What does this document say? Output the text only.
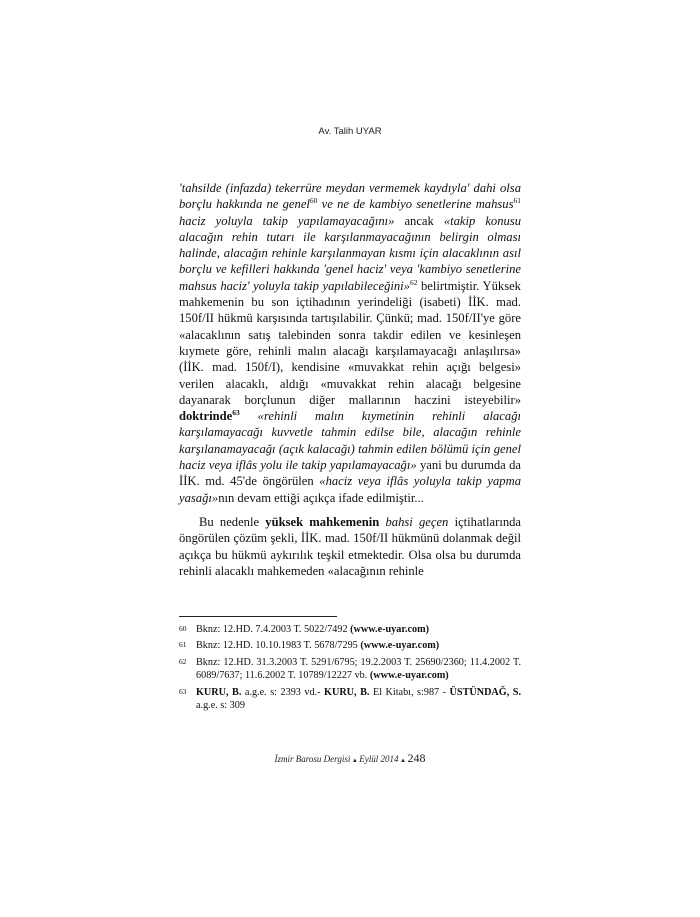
Av. Talih UYAR

'tahsilde (infazda) tekerrüre meydan vermemek kaydıyla' dahi olsa borçlu hakkında ne genel$^{60}$ ve ne de kambiyo senetlerine mahsus$^{61}$ haciz yoluyla takip yapılamayacağını» ancak «takip konusu alacağın rehin tutarı ile karşılanmayacağının belirgin olması halinde, alacağın rehinle karşılanmayan kısmı için alacaklının asıl borçlu ve kefilleri hakkında 'genel haciz' veya 'kambiyo senetlerine mahsus haciz' yoluyla takip yapılabileceğini»$^{62}$ belirtmiştir. Yüksek mahkemenin bu son içtihadının yerindeliği (isabeti) İİK. mad. 150f/II hükmü karşısında tartışılabilir. Çünkü; mad. 150f/II'ye göre «alacaklının satış talebinden sonra takdir edilen ve kesinleşen kıymete göre, rehinli malın alacağı karşılamayacağı anlaşılırsa» (İİK. mad. 150f/I), kendisine «muvakkat rehin açığı belgesi» verilen alacaklı, aldığı «muvakkat rehin alacağı belgesine dayanarak borçlunun diğer mallarının haczini isteyebilir» doktrinde$^{63}$ «rehinli malın kıymetinin rehinli alacağı karşılamayacağı kuvvetle tahmin edilse bile, alacağın rehinle karşılanamayacağı (açık kalacağı) tahmin edilen bölümü için genel haciz veya iflâs yolu ile takip yapılamayacağı» yani bu durumda da İİK. md. 45'de öngörülen «haciz veya iflâs yoluyla takip yapma yasağı»nın devam ettiği açıkça ifade edilmiştir...

Bu nedenle yüksek mahkemenin bahsi geçen içtihatlarında öngörülen çözüm şekli, İİK. mad. 150f/II hükmünü dolanmak değil açıkça bu hükmü aykırılık teşkil etmektedir. Olsa olsa bu durumda rehinli alacaklı mahkemeden «alacağının rehinle

60 Bknz: 12.HD. 7.4.2003 T. 5022/7492 (www.e-uyar.com)
61 Bknz: 12.HD. 10.10.1983 T. 5678/7295 (www.e-uyar.com)
62 Bknz: 12.HD. 31.3.2003 T. 5291/6795; 19.2.2003 T. 25690/2360; 11.4.2002 T. 6089/7637; 11.6.2002 T. 10789/12227 vb. (www.e-uyar.com)
63 KURU, B. a.g.e. s: 2393 vd.- KURU, B. El Kitabı, s:987 - ÜSTÜNDAĞ, S. a.g.e. s: 309
İzmir Barosu Dergisi ▲ Eylül 2014 ▲ 248
